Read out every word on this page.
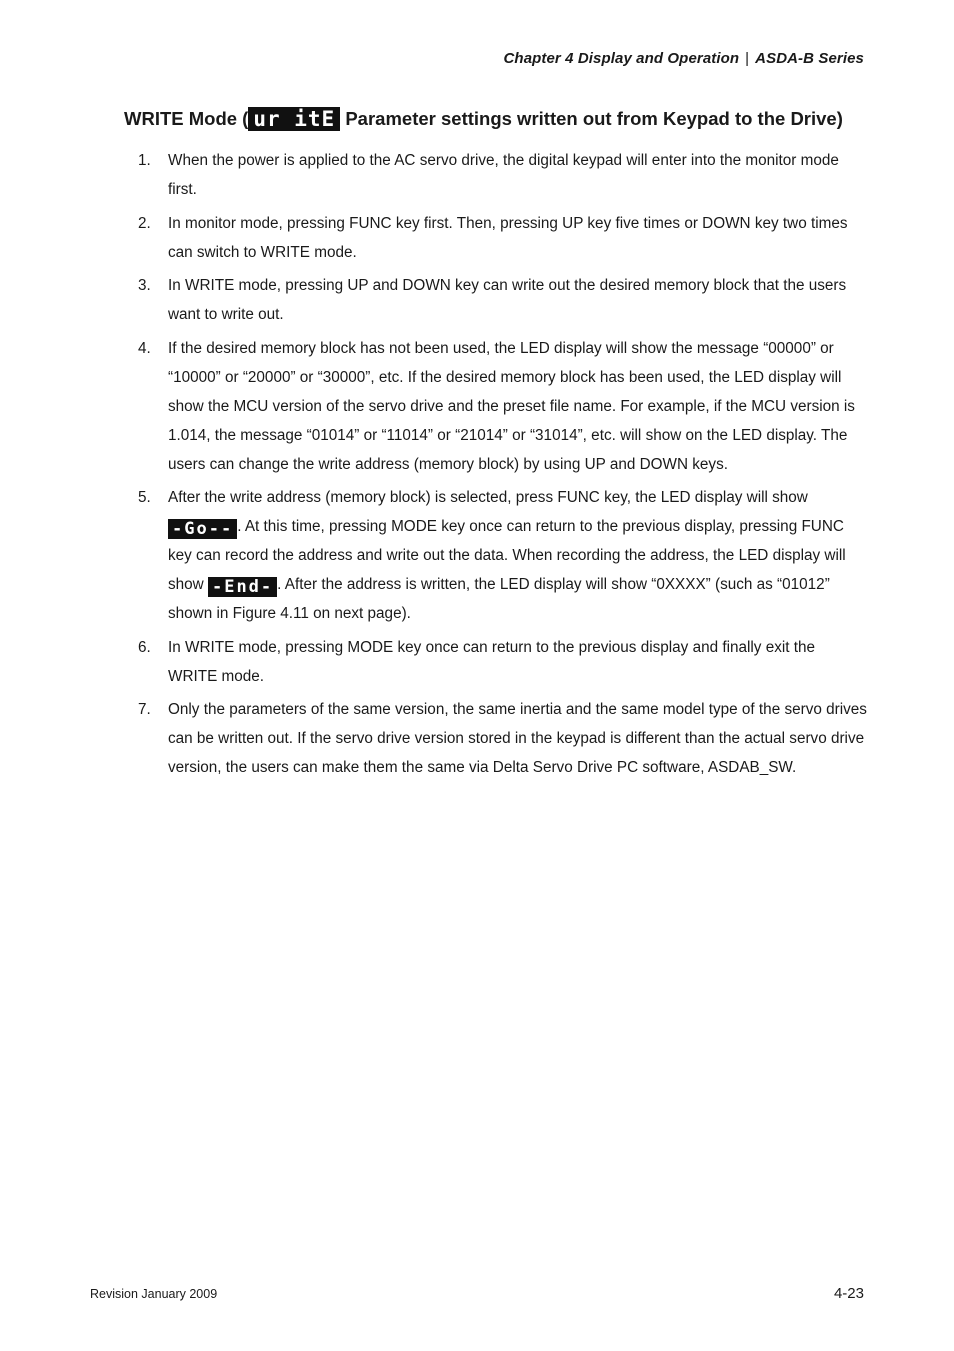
Chapter 4 Display and Operation | ASDA-B Series
WRITE Mode ( ur itE Parameter settings written out from Keypad to the Drive)
1. When the power is applied to the AC servo drive, the digital keypad will enter into the monitor mode first.
2. In monitor mode, pressing FUNC key first. Then, pressing UP key five times or DOWN key two times can switch to WRITE mode.
3. In WRITE mode, pressing UP and DOWN key can write out the desired memory block that the users want to write out.
4. If the desired memory block has not been used, the LED display will show the message “00000” or “10000” or “20000” or “30000”, etc. If the desired memory block has been used, the LED display will show the MCU version of the servo drive and the preset file name. For example, if the MCU version is 1.014, the message “01014” or “11014” or “21014” or “31014”, etc. will show on the LED display. The users can change the write address (memory block) by using UP and DOWN keys.
5. After the write address (memory block) is selected, press FUNC key, the LED display will show -Go-- . At this time, pressing MODE key once can return to the previous display, pressing FUNC key can record the address and write out the data. When recording the address, the LED display will show -End- . After the address is written, the LED display will show “0XXXX” (such as “01012” shown in Figure 4.11 on next page).
6. In WRITE mode, pressing MODE key once can return to the previous display and finally exit the WRITE mode.
7. Only the parameters of the same version, the same inertia and the same model type of the servo drives can be written out. If the servo drive version stored in the keypad is different than the actual servo drive version, the users can make them the same via Delta Servo Drive PC software, ASDAB_SW.
Revision January 2009	4-23
